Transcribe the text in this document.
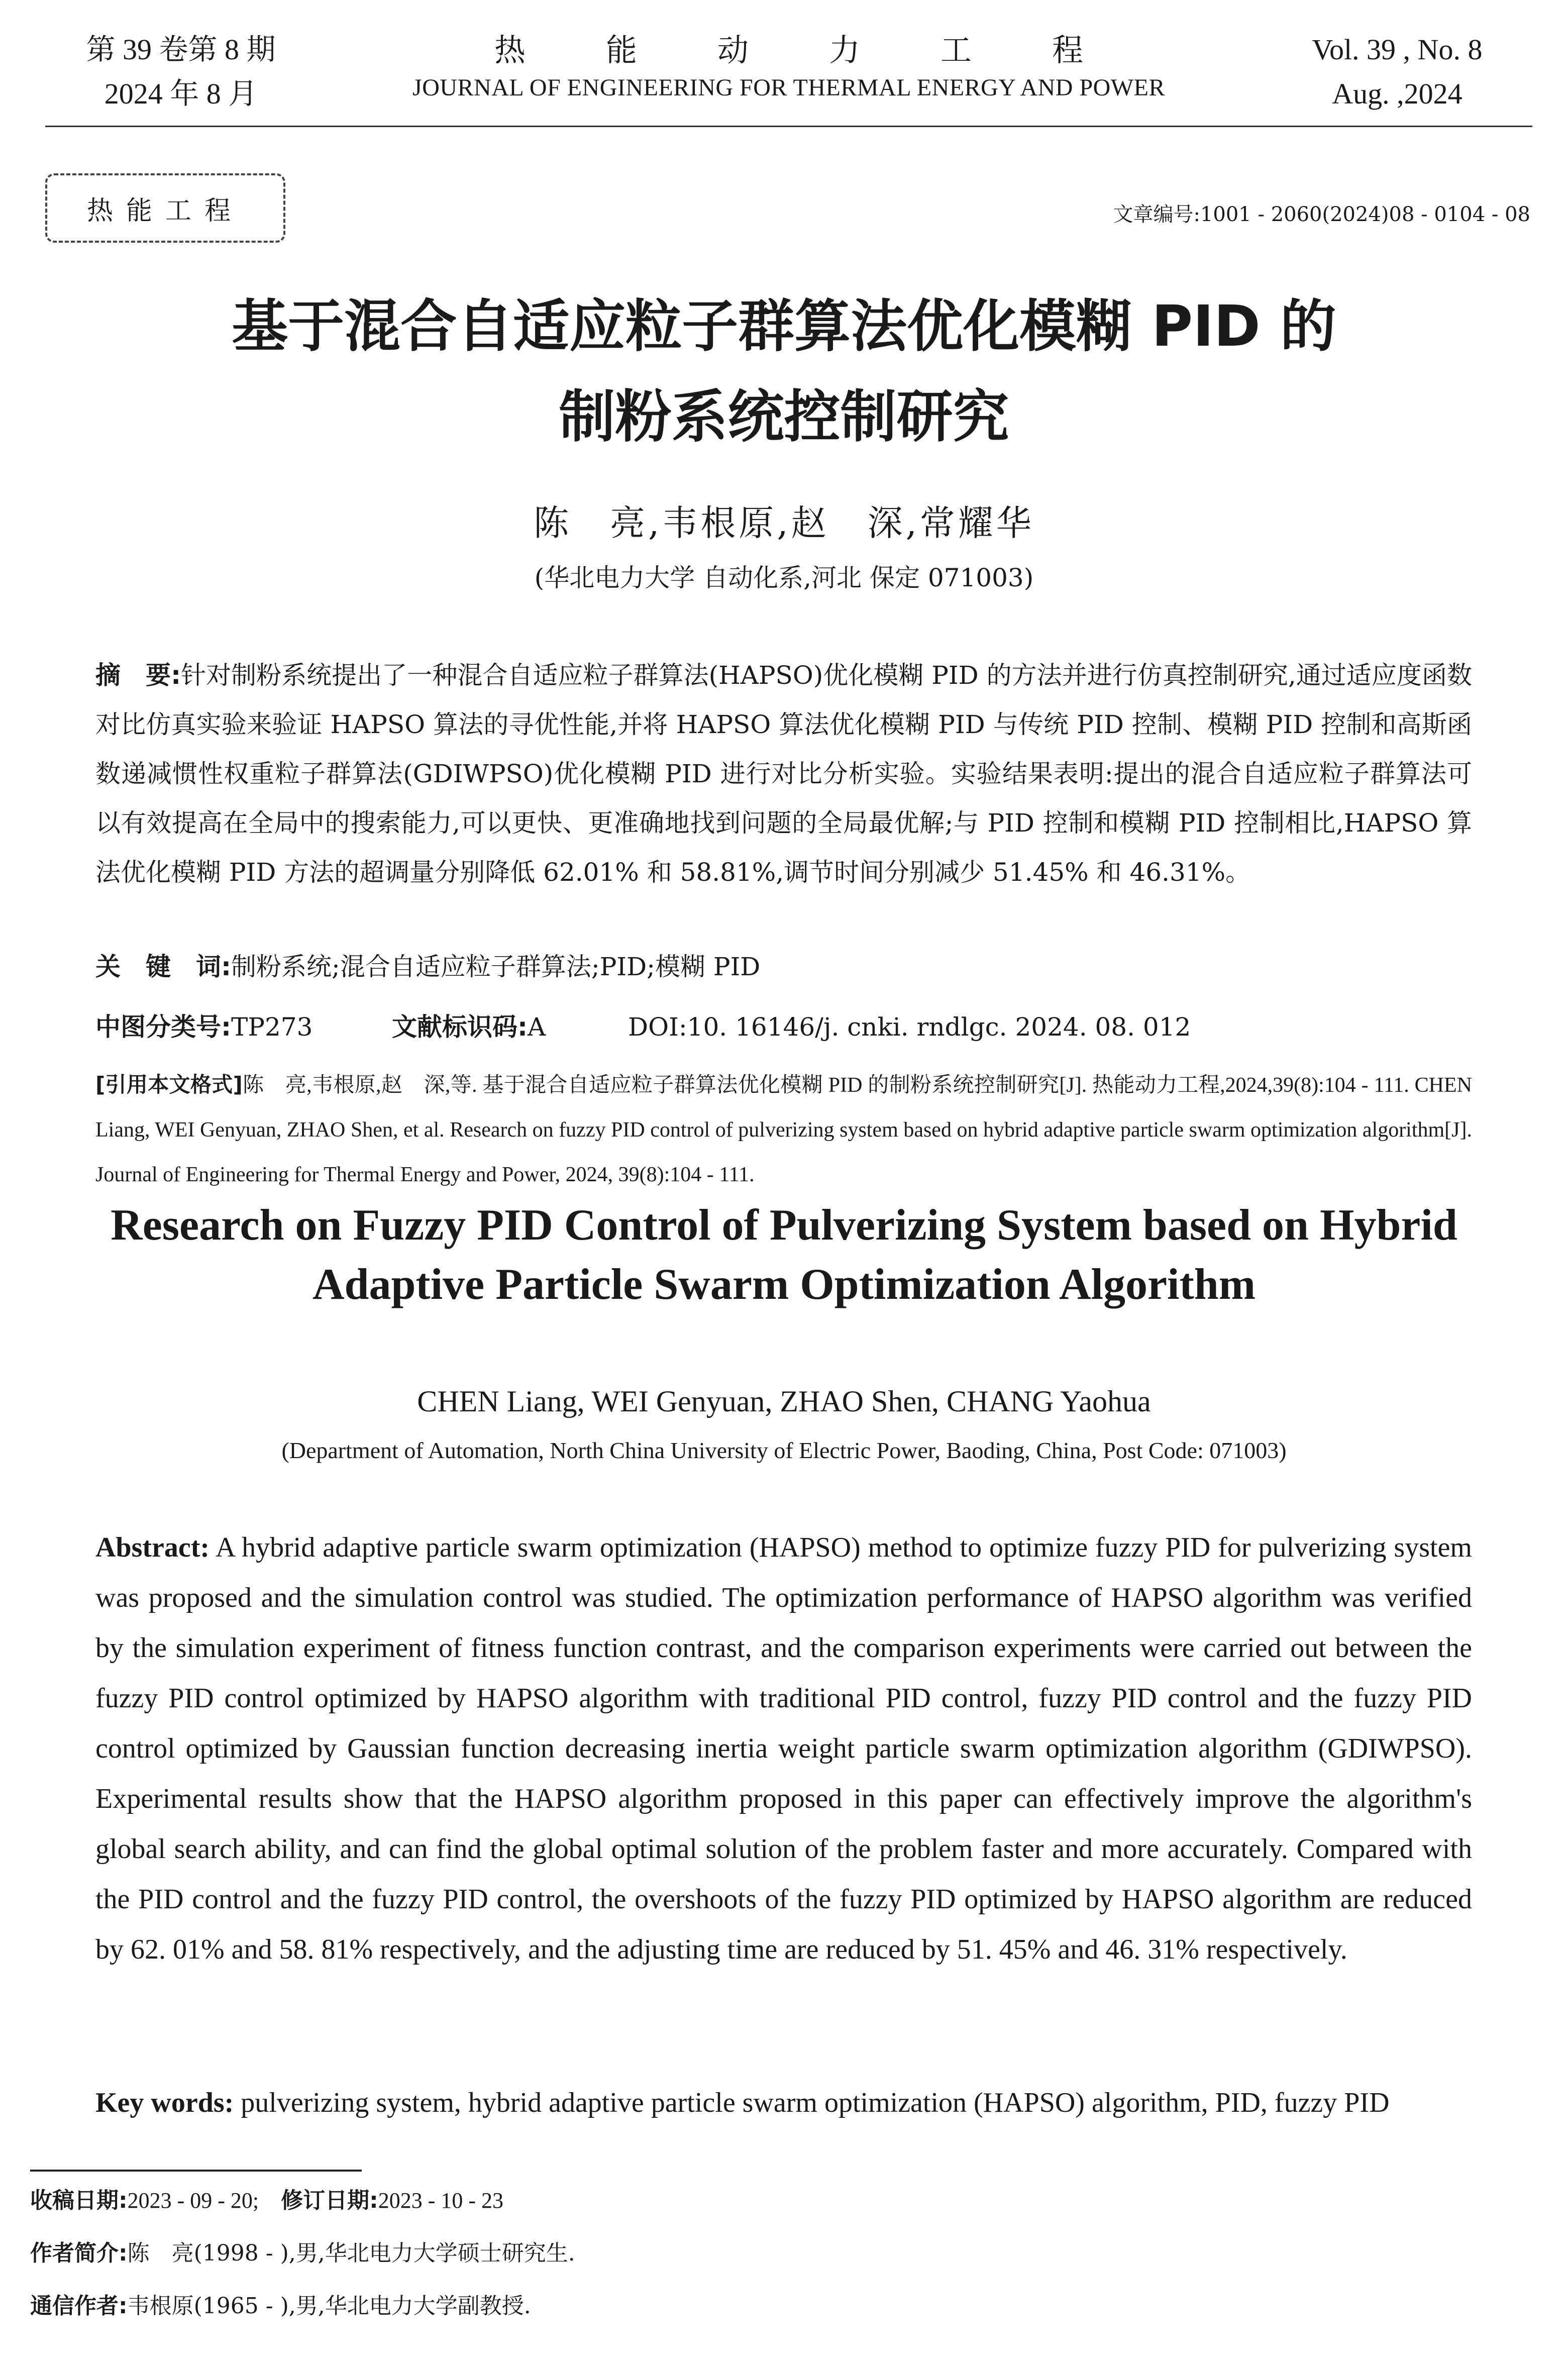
第 39 卷第 8 期
2024 年 8 月
热能动力工程
JOURNAL OF ENGINEERING FOR THERMAL ENERGY AND POWER
Vol. 39 , No. 8
Aug. ,2024
热能工程	文章编号:1001 - 2060(2024)08 - 0104 - 08
基于混合自适应粒子群算法优化模糊 PID 的
制粉系统控制研究
陈　亮,韦根原,赵　深,常耀华
(华北电力大学 自动化系,河北 保定 071003)
摘　要:针对制粉系统提出了一种混合自适应粒子群算法(HAPSO)优化模糊 PID 的方法并进行仿真控制研究,通过适应度函数对比仿真实验来验证 HAPSO 算法的寻优性能,并将 HAPSO 算法优化模糊 PID 与传统 PID 控制、模糊 PID 控制和高斯函数递减惯性权重粒子群算法(GDIWPSO)优化模糊 PID 进行对比分析实验。实验结果表明:提出的混合自适应粒子群算法可以有效提高在全局中的搜索能力,可以更快、更准确地找到问题的全局最优解;与 PID 控制和模糊 PID 控制相比,HAPSO 算法优化模糊 PID 方法的超调量分别降低 62.01% 和 58.81%,调节时间分别减少 51.45% 和 46.31%。
关　键　词:制粉系统;混合自适应粒子群算法;PID;模糊 PID
中图分类号: TP273	文献标识码: A	DOI:10. 16146/j. cnki. rndlgc. 2024. 08. 012
[引用本文格式]陈　亮,韦根原,赵　深,等. 基于混合自适应粒子群算法优化模糊 PID 的制粉系统控制研究[J]. 热能动力工程,2024,39(8):104 - 111. CHEN Liang, WEI Genyuan, ZHAO Shen, et al. Research on fuzzy PID control of pulverizing system based on hybrid adaptive particle swarm optimization algorithm[J]. Journal of Engineering for Thermal Energy and Power, 2024, 39(8):104 - 111.
Research on Fuzzy PID Control of Pulverizing System based on Hybrid
Adaptive Particle Swarm Optimization Algorithm
CHEN Liang, WEI Genyuan, ZHAO Shen, CHANG Yaohua
(Department of Automation, North China University of Electric Power, Baoding, China, Post Code: 071003)
Abstract: A hybrid adaptive particle swarm optimization (HAPSO) method to optimize fuzzy PID for pulverizing system was proposed and the simulation control was studied. The optimization performance of HAPSO algorithm was verified by the simulation experiment of fitness function contrast, and the comparison experiments were carried out between the fuzzy PID control optimized by HAPSO algorithm with traditional PID control, fuzzy PID control and the fuzzy PID control optimized by Gaussian function decreasing inertia weight particle swarm optimization algorithm (GDIWPSO). Experimental results show that the HAPSO algorithm proposed in this paper can effectively improve the algorithm's global search ability, and can find the global optimal solution of the problem faster and more accurately. Compared with the PID control and the fuzzy PID control, the overshoots of the fuzzy PID optimized by HAPSO algorithm are reduced by 62. 01% and 58. 81% respectively, and the adjusting time are reduced by 51. 45% and 46. 31% respectively.
Key words: pulverizing system, hybrid adaptive particle swarm optimization (HAPSO) algorithm, PID, fuzzy PID
收稿日期:2023 - 09 - 20;　修订日期:2023 - 10 - 23
作者简介:陈　亮(1998 - ),男,华北电力大学硕士研究生.
通信作者:韦根原(1965 - ),男,华北电力大学副教授.
